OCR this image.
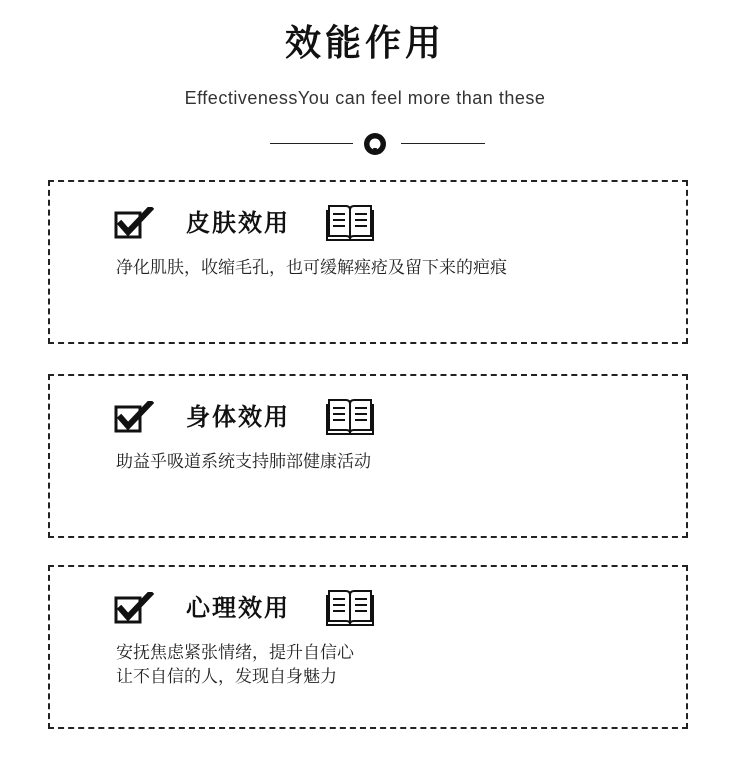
效能作用
EffectivenessYou can feel more than these
皮肤效用
净化肌肤，收缩毛孔，也可缓解痤疮及留下来的疤痕
身体效用
助益乎吸道系统支持肺部健康活动
心理效用
安抚焦虑紧张情绪，提升自信心
让不自信的人，发现自身魅力
